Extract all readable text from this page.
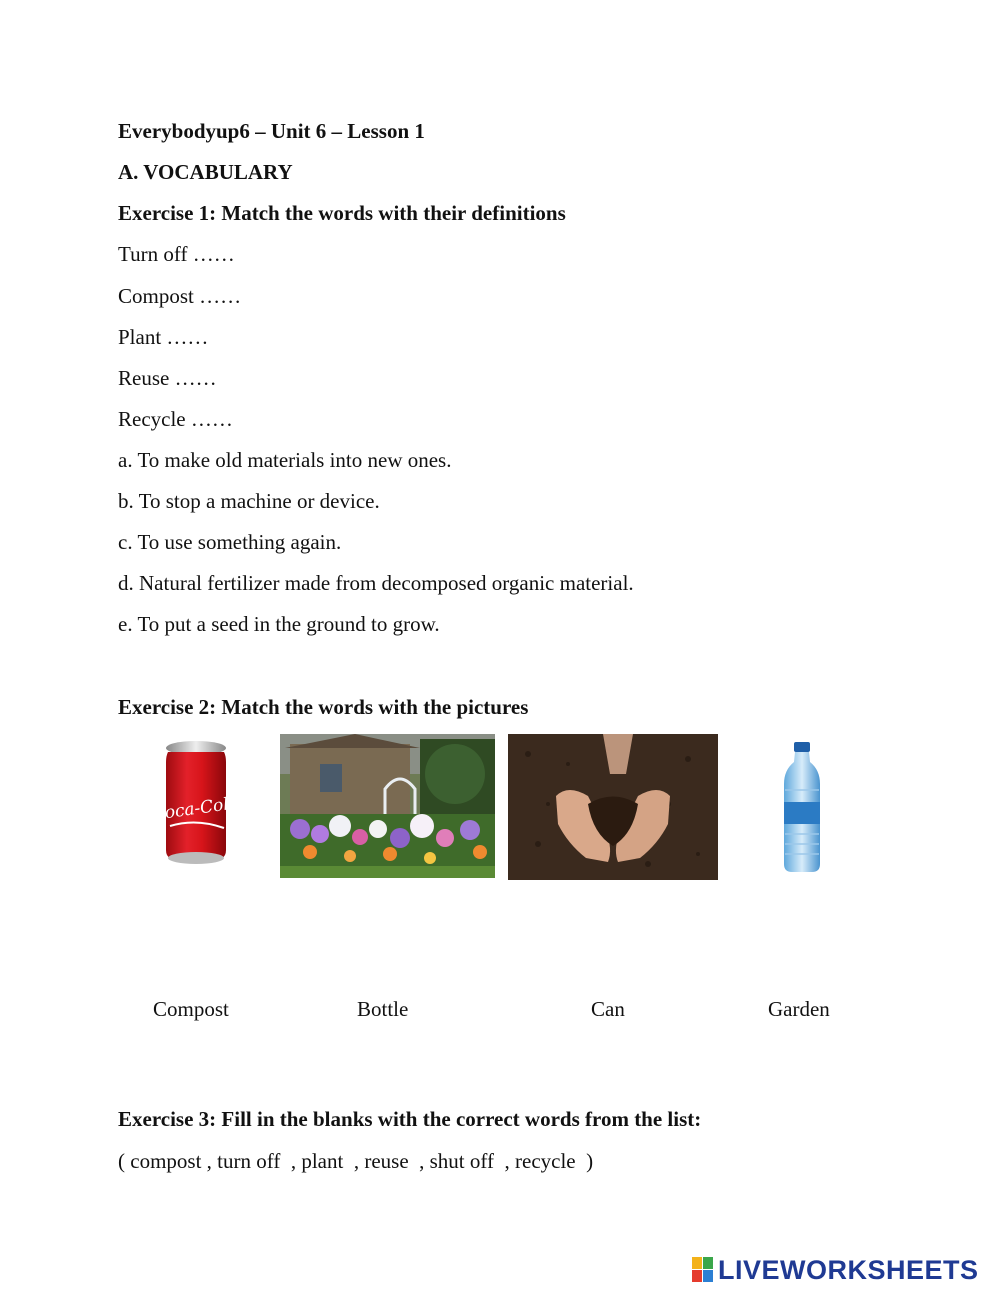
Everybodyup6 – Unit 6 – Lesson 1
A. VOCABULARY
Exercise 1: Match the words with their definitions
Turn off ……
Compost ……
Plant ……
Reuse ……
Recycle ……
a. To make old materials into new ones.
b. To stop a machine or device.
c. To use something again.
d. Natural fertilizer made from decomposed organic material.
e. To put a seed in the ground to grow.
Exercise 2: Match the words with the pictures
Coca-Cola
Compost	Bottle	Can	Garden
Exercise 3: Fill in the blanks with the correct words from the list:
( compost , turn off  , plant  , reuse  , shut off  , recycle  )
LIVEWORKSHEETS
